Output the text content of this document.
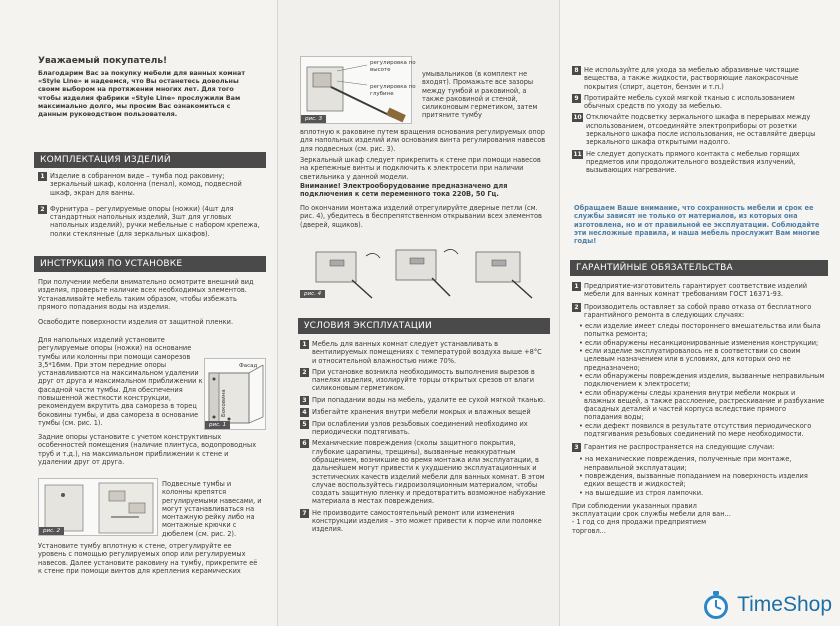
Уважаемый покупатель!
Благодарим Вас за покупку мебели для ванных комнат «Style Line» и надеемся, что Вы останетесь довольны своим выбором на протяжении многих лет. Для того чтобы изделия фабрики «Style Line» прослужили Вам максимально долго, мы просим Вас ознакомиться с данным руководством пользователя.
КОМПЛЕКТАЦИЯ ИЗДЕЛИЙ
1 Изделие в собранном виде – тумба под раковину; зеркальный шкаф, колонна (пенал), комод, подвесной шкаф, экран для ванны.
2 Фурнитура – регулируемые опоры (ножки) (4шт для стандартных напольных изделий, 3шт для угловых напольных изделий), ручки мебельные с набором крепежа, полки стеклянные (для зеркальных шкафов).
ИНСТРУКЦИЯ ПО УСТАНОВКЕ
При получении мебели внимательно осмотрите внешний вид изделия, проверьте наличие всех необходимых элементов. Устанавливайте мебель таким образом, чтобы избежать прямого попадания воды на изделия.
Освободите поверхности изделия от защитной пленки.
Для напольных изделий установите регулируемые опоры (ножки) на основание тумбы или колонны при помощи саморезов 3,5*16мм. При этом передние опоры устанавливаются на максимальном удалении друг от друга и максимальном приближении к фасадной части тумбы. Для обеспечения повышенной жесткости конструкции, рекомендуем вкрутить два самореза в торец боковины тумбы, и два самореза в основание тумбы (см. рис. 1).
Фасад
Боковина
рис. 1
Задние опоры установите с учетом конструктивных особенностей помещения (наличие плинтуса, водопроводных труб и т.д.), на максимальном приближении к стене и удалении друг от друга.
рис. 2
Подвесные тумбы и колонны крепятся регулируемыми навесами, и могут устанавливаться на монтажную рейку либо на монтажные крючки с дюбелем (см. рис. 2).
Установите тумбу вплотную к стене, отрегулируйте ее уровень с помощью регулируемых опор или регулируемых навесов. Далее установите раковину на тумбу, прикрепите её к стене при помощи винтов для крепления керамических
рис. 3
регулировка по высоте
регулировка по глубине
умывальников (в комплект не входят). Промажьте все зазоры между тумбой и раковиной, а также раковиной и стеной, силиконовым герметиком, затем притяните тумбу
вплотную к раковине путем вращения основания регулируемых опор для напольных изделий или основания винта регулирования навесов для подвесных (см. рис. 3).
Зеркальный шкаф следует прикрепить к стене при помощи навесов на крепежные винты и подключить к электросети при наличии светильника у данной модели.
Внимание! Электрооборудование предназначено для подключения к сети переменного тока 220В, 50 Гц.
По окончании монтажа изделий отрегулируйте дверные петли (см. рис. 4), убедитесь в беспрепятственном открывании всех элементов (дверей, ящиков).
рис. 4
УСЛОВИЯ ЭКСПЛУАТАЦИИ
1 Мебель для ванных комнат следует устанавливать в вентилируемых помещениях с температурой воздуха выше +8°С и относительной влажностью ниже 70%.
2 При установке возникла необходимость выполнения вырезов в панелях изделия, изолируйте торцы открытых срезов от влаги силиконовым герметиком.
3 При попадании воды на мебель, удалите ее сухой мягкой тканью.
4 Избегайте хранения внутри мебели мокрых и влажных вещей
5 При ослаблении узлов резьбовых соединений необходимо их периодически подтягивать.
6 Механические повреждения (сколы защитного покрытия, глубокие царапины, трещины), вызванные неаккуратным обращением, возникшие во время монтажа или эксплуатации, в дальнейшем могут привести к ухудшению эксплуатационных и эстетических качеств изделий мебели для ванных комнат. В этом случае воспользуйтесь гидроизоляционным материалом, чтобы создать защитную пленку и предотвратить возможное набухание материала в местах повреждения.
7 Не производите самостоятельный ремонт или изменения конструкции изделия – это может привести к порче или поломке изделия.
8 Не используйте для ухода за мебелью абразивные чистящие вещества, а также жидкости, растворяющие лакокрасочные покрытия (спирт, ацетон, бензин и т.п.)
9 Протирайте мебель сухой мягкой тканью с использованием обычных средств по уходу за мебелью.
10 Отключайте подсветку зеркального шкафа в перерывах между использованием, отсоединяйте электроприборы от розетки зеркального шкафа после использования, не оставляйте дверцы зеркального шкафа открытыми надолго.
11 Не следует допускать прямого контакта с мебелью горящих предметов или продолжительного воздействия излучений, вызывающих нагревание.
Обращаем Ваше внимание, что сохранность мебели и срок ее службы зависят не только от материалов, из которых она изготовлена, но и от правильной ее эксплуатации. Соблюдайте эти несложные правила, и наша мебель прослужит Вам многие годы!
ГАРАНТИЙНЫЕ ОБЯЗАТЕЛЬСТВА
1 Предприятие-изготовитель гарантирует соответствие изделий мебели для ванных комнат требованиям ГОСТ 16371-93.
2 Производитель оставляет за собой право отказа от бесплатного гарантийного ремонта в следующих случаях:
• если изделие имеет следы постороннего вмешательства или была попытка ремонта;
• если обнаружены несанкционированные изменения конструкции;
• если изделие эксплуатировалось не в соответствии со своим целевым назначением или в условиях, для которых оно не предназначено;
• если обнаружены повреждения изделия, вызванные неправильным подключением к электросети;
• если обнаружены следы хранения внутри мебели мокрых и влажных вещей, а также расслоение, растрескивание и разбухание фасадных деталей и частей корпуса вследствие прямого попадания воды;
• если дефект появился в результате отсутствия периодического подтягивания резьбовых соединений по мере необходимости.
3 Гарантия не распространяется на следующие случаи:
• на механические повреждения, полученные при монтаже, неправильной эксплуатации;
• повреждения, вызванные попаданием на поверхность изделия едких веществ и жидкостей;
• на вышедшие из строя лампочки.
При соблюдении указанных правил эксплуатации срок службы мебели для ван... - 1 год со дня продажи предприятием торговл...
TimeShop
